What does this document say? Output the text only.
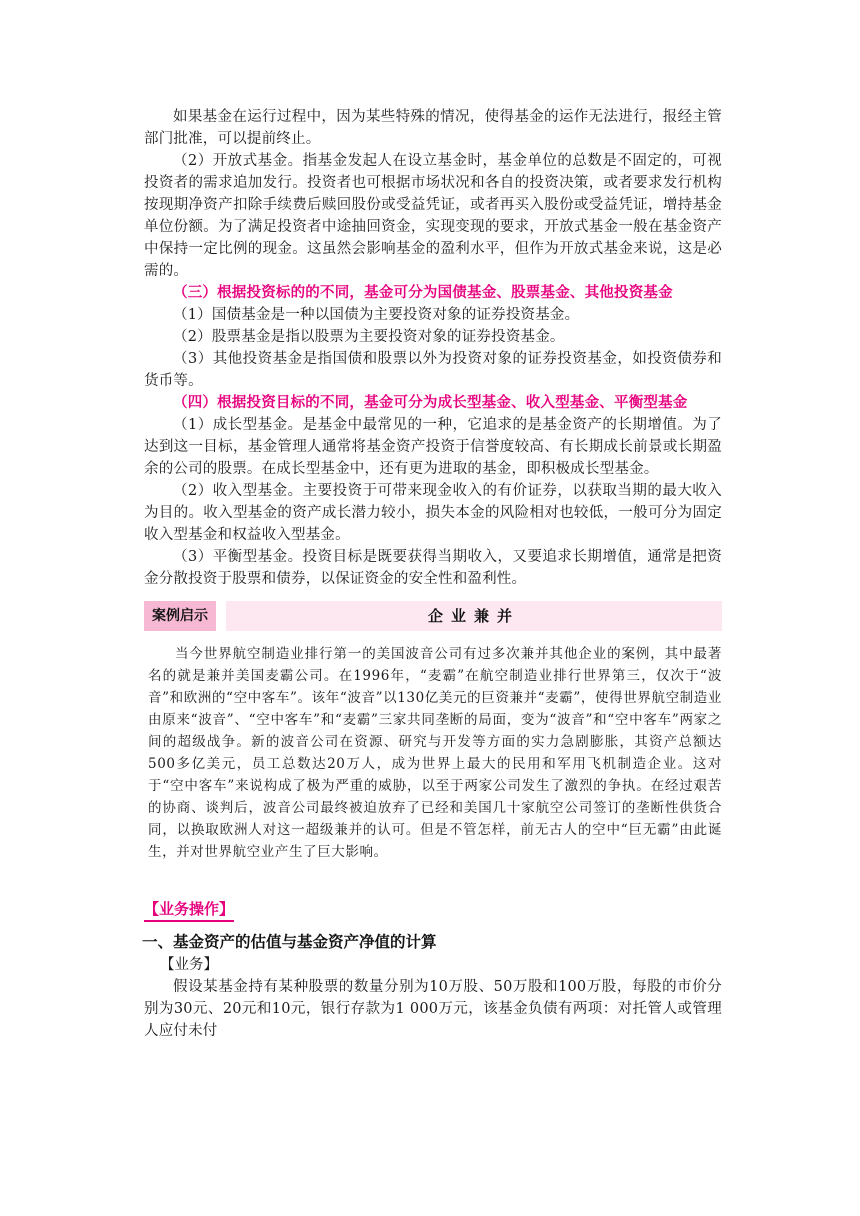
如果基金在运行过程中，因为某些特殊的情况，使得基金的运作无法进行，报经主管部门批准，可以提前终止。

（2）开放式基金。指基金发起人在设立基金时，基金单位的总数是不固定的，可视投资者的需求追加发行。投资者也可根据市场状况和各自的投资决策，或者要求发行机构按现期净资产扣除手续费后赎回股份或受益凭证，或者再买入股份或受益凭证，增持基金单位份额。为了满足投资者中途抽回资金，实现变现的要求，开放式基金一般在基金资产中保持一定比例的现金。这虽然会影响基金的盈利水平，但作为开放式基金来说，这是必需的。

（三）根据投资标的的不同，基金可分为国债基金、股票基金、其他投资基金

（1）国债基金是一种以国债为主要投资对象的证券投资基金。

（2）股票基金是指以股票为主要投资对象的证券投资基金。

（3）其他投资基金是指国债和股票以外为投资对象的证券投资基金，如投资债券和货币等。

（四）根据投资目标的不同，基金可分为成长型基金、收入型基金、平衡型基金

（1）成长型基金。是基金中最常见的一种，它追求的是基金资产的长期增值。为了达到这一目标，基金管理人通常将基金资产投资于信誉度较高、有长期成长前景或长期盈余的公司的股票。在成长型基金中，还有更为进取的基金，即积极成长型基金。

（2）收入型基金。主要投资于可带来现金收入的有价证券，以获取当期的最大收入为目的。收入型基金的资产成长潜力较小，损失本金的风险相对也较低，一般可分为固定收入型基金和权益收入型基金。

（3）平衡型基金。投资目标是既要获得当期收入，又要追求长期增值，通常是把资金分散投资于股票和债券，以保证资金的安全性和盈利性。

案例启示	企业兼并

当今世界航空制造业排行第一的美国波音公司有过多次兼并其他企业的案例，其中最著名的就是兼并美国麦霸公司。在1996年，“麦霸”在航空制造业排行世界第三，仅次于“波音”和欧洲的“空中客车”。该年“波音”以130亿美元的巨资兼并“麦霸”，使得世界航空制造业由原来“波音”、“空中客车”和“麦霸”三家共同垄断的局面，变为“波音”和“空中客车”两家之间的超级战争。新的波音公司在资源、研究与开发等方面的实力急剧膨胀，其资产总额达500多亿美元，员工总数达20万人，成为世界上最大的民用和军用飞机制造企业。这对于“空中客车”来说构成了极为严重的威胁，以至于两家公司发生了激烈的争执。在经过艰苦的协商、谈判后，波音公司最终被迫放弃了已经和美国几十家航空公司签订的垄断性供货合同，以换取欧洲人对这一超级兼并的认可。但是不管怎样，前无古人的空中“巨无霸”由此诞生，并对世界航空业产生了巨大影响。

【业务操作】
一、基金资产的估值与基金资产净值的计算
【业务】

假设某基金持有某种股票的数量分别为10万股、50万股和100万股，每股的市价分别为30元、20元和10元，银行存款为1 000万元，该基金负债有两项：对托管人或管理人应付未付
